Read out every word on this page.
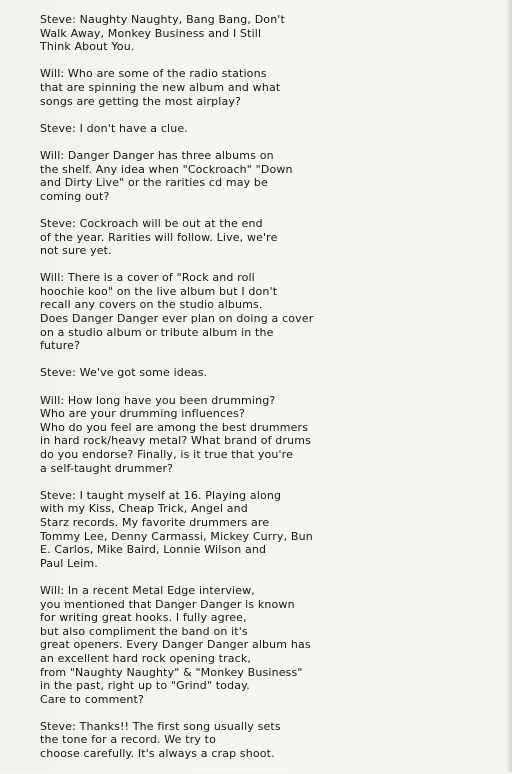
Steve: Naughty Naughty, Bang Bang, Don't
Walk Away, Monkey Business and I Still
Think About You.
Will: Who are some of the radio stations
that are spinning the new album and what
songs are getting the most airplay?
Steve: I don't have a clue.
Will: Danger Danger has three albums on
the shelf. Any idea when "Cockroach" "Down
and Dirty Live" or the rarities cd may be
coming out?
Steve: Cockroach will be out at the end
of the year. Rarities will follow. Live, we're
not sure yet.
Will: There is a cover of "Rock and roll
hoochie koo" on the live album but I don't
recall any covers on the studio albums.
Does Danger Danger ever plan on doing a cover
on a studio album or tribute album in the
future?
Steve: We've got some ideas.
Will: How long have you been drumming?
Who are your drumming influences?
Who do you feel are among the best drummers
in hard rock/heavy metal? What brand of drums
do you endorse? Finally, is it true that you're
a self-taught drummer?
Steve: I taught myself at 16. Playing along
with my Kiss, Cheap Trick, Angel and
Starz records. My favorite drummers are
Tommy Lee, Denny Carmassi, Mickey Curry, Bun
E. Carlos, Mike Baird, Lonnie Wilson and
Paul Leim.
Will: In a recent Metal Edge interview,
you mentioned that Danger Danger is known
for writing great hooks. I fully agree,
but also compliment the band on it's
great openers. Every Danger Danger album has
an excellent hard rock opening track,
from "Naughty Naughty" & "Monkey Business"
in the past, right up to "Grind" today.
Care to comment?
Steve: Thanks!! The first song usually sets
the tone for a record. We try to
choose carefully. It's always a crap shoot.
